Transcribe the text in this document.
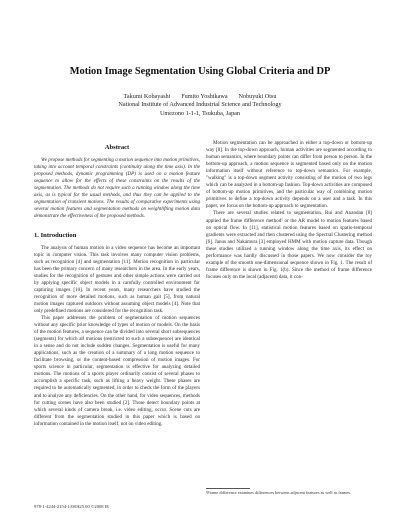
Motion Image Segmentation Using Global Criteria and DP
Takumi Kobayashi       Fumito Yoshikawa       Nobuyuki Otsu
National Institute of Advanced Industrial Science and Technology
Umezono 1-1-1, Tsukuba, Japan
Abstract

We propose methods for segmenting a motion sequence into motion primitives, taking into account temporal constraints (continuity along the time axis). In the proposed methods, dynamic programming (DP) is used on a motion feature sequence to allow for the effects of these constraints on the results of the segmentation. The methods do not require such a running window along the time axis, as is typical for the usual methods, and thus they can be applied to the segmentation of transient motions. The results of comparative experiments using several motion features and segmentation methods on weightlifting motion data demonstrate the effectiveness of the proposed methods.

1. Introduction

The analysis of human motion in a video sequence has become an important topic in computer vision. This task involves many computer vision problems, such as recognition [4] and segmentation [11]. Motion recognition in particular has been the primary concern of many researchers in the area. In the early years, studies for the recognition of gestures and other simple actions were carried out by applying specific object models in a carefully controlled environment for capturing images [10]. In recent years, many researchers have studied the recognition of more detailed motions, such as human gait [5], from natural motion images captured outdoors without assuming object models [4]. Note that only predefined motions are considered for the recognition task.

This paper addresses the problem of segmentation of motion sequences without any specific prior knowledge of types of motion or models. On the basis of the motion features, a sequence can be divided into several short subsequences (segments) for which all motions (restricted to such a subsequence) are identical in a sense and do not include sudden changes. Segmentation is useful for many applications, such as the creation of a summary of a long motion sequence to facilitate browsing, or the content-based compression of motion images. For sports science in particular, segmentation is effective for analyzing detailed motions. The motions of a sports player ordinarily consist of several phases to accomplish a specific task, such as lifting a heavy weight. These phases are required to be automatically segmented, in order to check the form of the players and to analyze any deficiencies. On the other hand, for video sequences, methods for cutting scenes have also been studied [2]. Those detect boundary points at which several kinds of camera break, i.e. video editing, occur. Scene cuts are different from the segmentation studied in this paper which is based on information contained in the motion itself, not on video editing.

Motion segmentation can be approached in either a top-down or bottom-up way [8]. In the top-down approach, human activities are segmented according to human semantics, where boundary points can differ from person to person. In the bottom-up approach, a motion sequence is segmented based only on the motion information itself without reference to top-down semantics. For example, "walking" is a top-down segment activity consisting of the motion of two legs which can be analyzed in a bottom-up fashion. Top-down activities are composed of bottom-up motion primitives, and the particular way of combining motion primitives to define a top-down activity depends on a user and a task. In this paper, we focus on the bottom-up approach to segmentation.

There are several studies related to segmentation. Rui and Anandan [8] applied the frame difference method¹ or the AR model to motion features based on optical flow. In [11], statistical motion features based on spatio-temporal gradients were extracted and then clustered using the Spectral Clustering method [6]. Janus and Nakamura [3] employed HMM with motion capture data. Though these studies utilized a running window along the time axis, its effect on performance was hardly discussed in those papers. We now consider the toy example of the smooth one-dimensional sequence shown in Fig. 1. The result of frame difference is shown in Fig. 1(b). Since the method of frame difference focuses only on the local (adjacent) data, it con-

¹Frame difference examines differences between adjacent features as well as frames.
978-1-4244-2154-1/08/$25.00 ©2008 IE
